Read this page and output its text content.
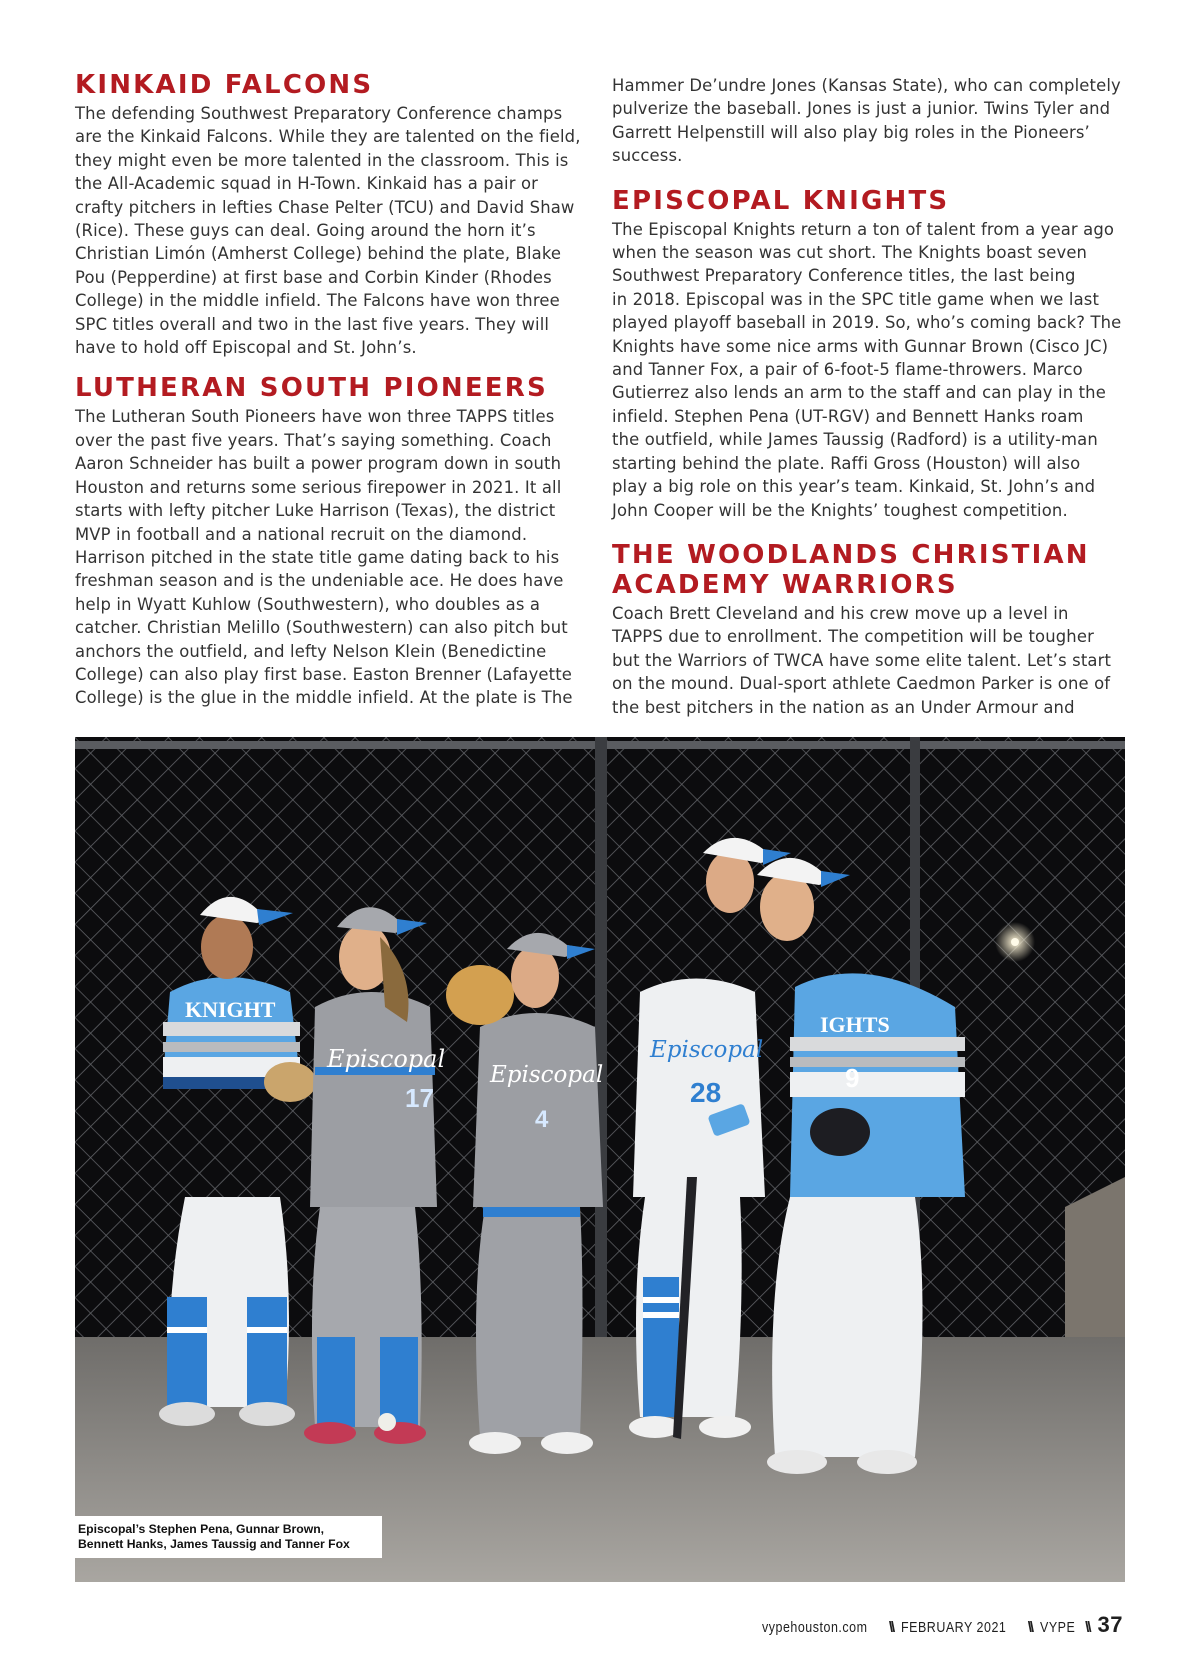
KINKAID FALCONS
The defending Southwest Preparatory Conference champs
are the Kinkaid Falcons. While they are talented on the field,
they might even be more talented in the classroom. This is
the All-Academic squad in H-Town. Kinkaid has a pair or
crafty pitchers in lefties Chase Pelter (TCU) and David Shaw
(Rice). These guys can deal. Going around the horn it’s
Christian Limón (Amherst College) behind the plate, Blake
Pou (Pepperdine) at first base and Corbin Kinder (Rhodes
College) in the middle infield. The Falcons have won three
SPC titles overall and two in the last five years. They will
have to hold off Episcopal and St. John’s.
LUTHERAN SOUTH PIONEERS
The Lutheran South Pioneers have won three TAPPS titles
over the past five years. That’s saying something. Coach
Aaron Schneider has built a power program down in south
Houston and returns some serious firepower in 2021. It all
starts with lefty pitcher Luke Harrison (Texas), the district
MVP in football and a national recruit on the diamond.
Harrison pitched in the state title game dating back to his
freshman season and is the undeniable ace. He does have
help in Wyatt Kuhlow (Southwestern), who doubles as a
catcher. Christian Melillo (Southwestern) can also pitch but
anchors the outfield, and lefty Nelson Klein (Benedictine
College) can also play first base. Easton Brenner (Lafayette
College) is the glue in the middle infield. At the plate is The
Hammer De’undre Jones (Kansas State), who can completely
pulverize the baseball. Jones is just a junior. Twins Tyler and
Garrett Helpenstill will also play big roles in the Pioneers’
success.
EPISCOPAL KNIGHTS
The Episcopal Knights return a ton of talent from a year ago
when the season was cut short. The Knights boast seven
Southwest Preparatory Conference titles, the last being
in 2018. Episcopal was in the SPC title game when we last
played playoff baseball in 2019. So, who’s coming back? The
Knights have some nice arms with Gunnar Brown (Cisco JC)
and Tanner Fox, a pair of 6-foot-5 flame-throwers. Marco
Gutierrez also lends an arm to the staff and can play in the
infield. Stephen Pena (UT-RGV) and Bennett Hanks roam
the outfield, while James Taussig (Radford) is a utility-man
starting behind the plate. Raffi Gross (Houston) will also
play a big role on this year’s team. Kinkaid, St. John’s and
John Cooper will be the Knights’ toughest competition.
THE WOODLANDS CHRISTIAN
ACADEMY WARRIORS
Coach Brett Cleveland and his crew move up a level in
TAPPS due to enrollment. The competition will be tougher
but the Warriors of TWCA have some elite talent. Let’s start
on the mound. Dual-sport athlete Caedmon Parker is one of
the best pitchers in the nation as an Under Armour and
KNIGHT
Episcopal
17
Episcopal
4
Episcopal
28
IGHTS
9
Episcopal’s Stephen Pena, Gunnar Brown,
Bennett Hanks, James Taussig and Tanner Fox
vypehouston.com \\ FEBRUARY 2021 \\ VYPE \\ 37
